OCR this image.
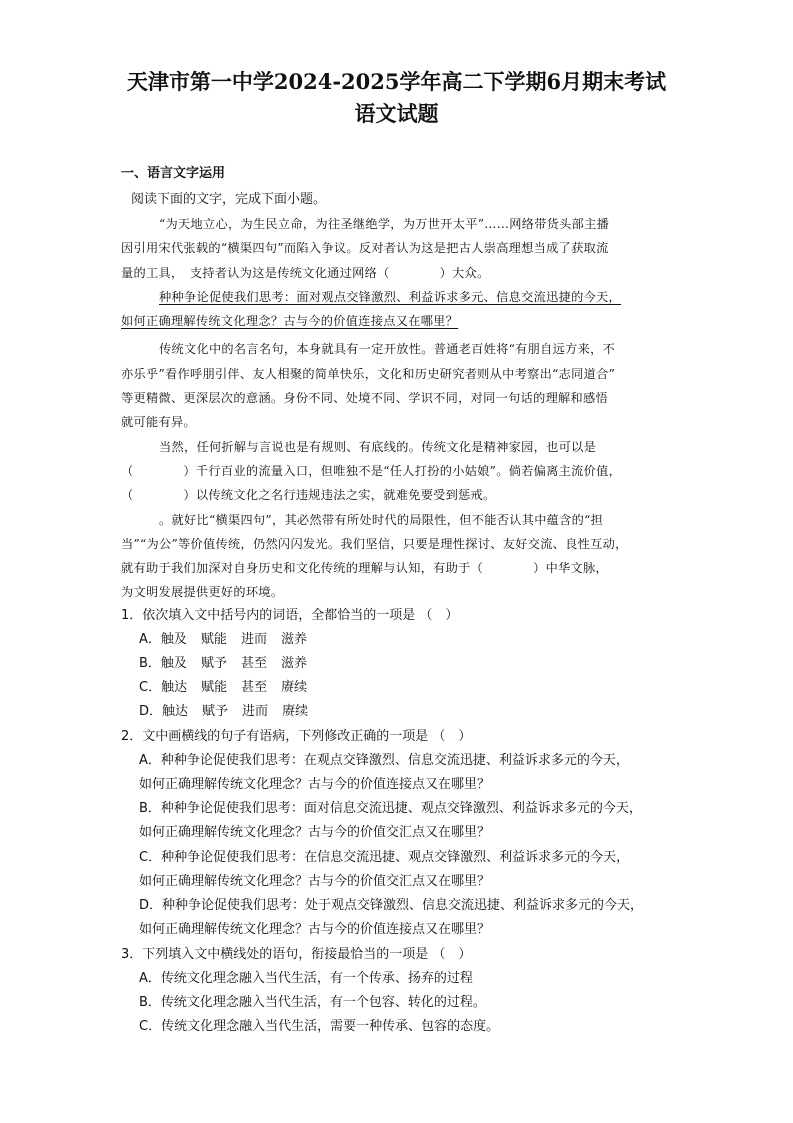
天津市第一中学2024-2025学年高二下学期6月期末考试
语文试题
一、语言文字运用
阅读下面的文字，完成下面小题。
“为天地立心，为生民立命，为往圣继绝学，为万世开太平”……网络带货头部主播
因引用宋代张载的“横渠四句”而陷入争议。反对者认为这是把古人崇高理想当成了获取流
量的工具，　支持者认为这是传统文化通过网络（　　　　）大众。
种种争论促使我们思考：面对观点交锋激烈、利益诉求多元、信息交流迅捷的今天，
如何正确理解传统文化理念？古与今的价值连接点又在哪里？
传统文化中的名言名句，本身就具有一定开放性。普通老百姓将“有朋自远方来，不
亦乐乎”看作呼朋引伴、友人相聚的简单快乐，文化和历史研究者则从中考察出“志同道合”
等更精微、更深层次的意涵。身份不同、处境不同、学识不同，对同一句话的理解和感悟
就可能有异。
当然，任何折解与言说也是有规则、有底线的。传统文化是精神家园，也可以是
（　　　　）千行百业的流量入口，但唯独不是“任人打扮的小姑娘”。倘若偏离主流价值，
（　　　　）以传统文化之名行违规违法之实，就难免要受到惩戒。
。就好比“横渠四句”，其必然带有所处时代的局限性，但不能否认其中蕴含的“担
当”“为公”等价值传统，仍然闪闪发光。我们坚信，只要是理性探讨、友好交流、良性互动，
就有助于我们加深对自身历史和文化传统的理解与认知，有助于（　　　　）中华文脉，
为文明发展提供更好的环境。
1．依次填入文中括号内的词语，全都恰当的一项是 （　）
A．触及 赋能 进而 滋养
B．触及 赋予 甚至 滋养
C．触达 赋能 甚至 赓续
D．触达 赋予 进而 赓续
2．文中画横线的句子有语病，下列修改正确的一项是 （　）
A．种种争论促使我们思考：在观点交锋激烈、信息交流迅捷、利益诉求多元的今天，
如何正确理解传统文化理念？古与今的价值连接点又在哪里？
B．种种争论促使我们思考：面对信息交流迅捷、观点交锋激烈、利益诉求多元的今天，
如何正确理解传统文化理念？古与今的价值交汇点又在哪里？
C．种种争论促使我们思考：在信息交流迅捷、观点交锋激烈、利益诉求多元的今天，
如何正确理解传统文化理念？古与今的价值交汇点又在哪里？
D．种种争论促使我们思考：处于观点交锋激烈、信息交流迅捷、利益诉求多元的今天，
如何正确理解传统文化理念？古与今的价值连接点又在哪里？
3．下列填入文中横线处的语句，衔接最恰当的一项是 （　）
A．传统文化理念融入当代生活，有一个传承、扬弃的过程
B．传统文化理念融入当代生活，有一个包容、转化的过程。
C．传统文化理念融入当代生活，需要一种传承、包容的态度。
